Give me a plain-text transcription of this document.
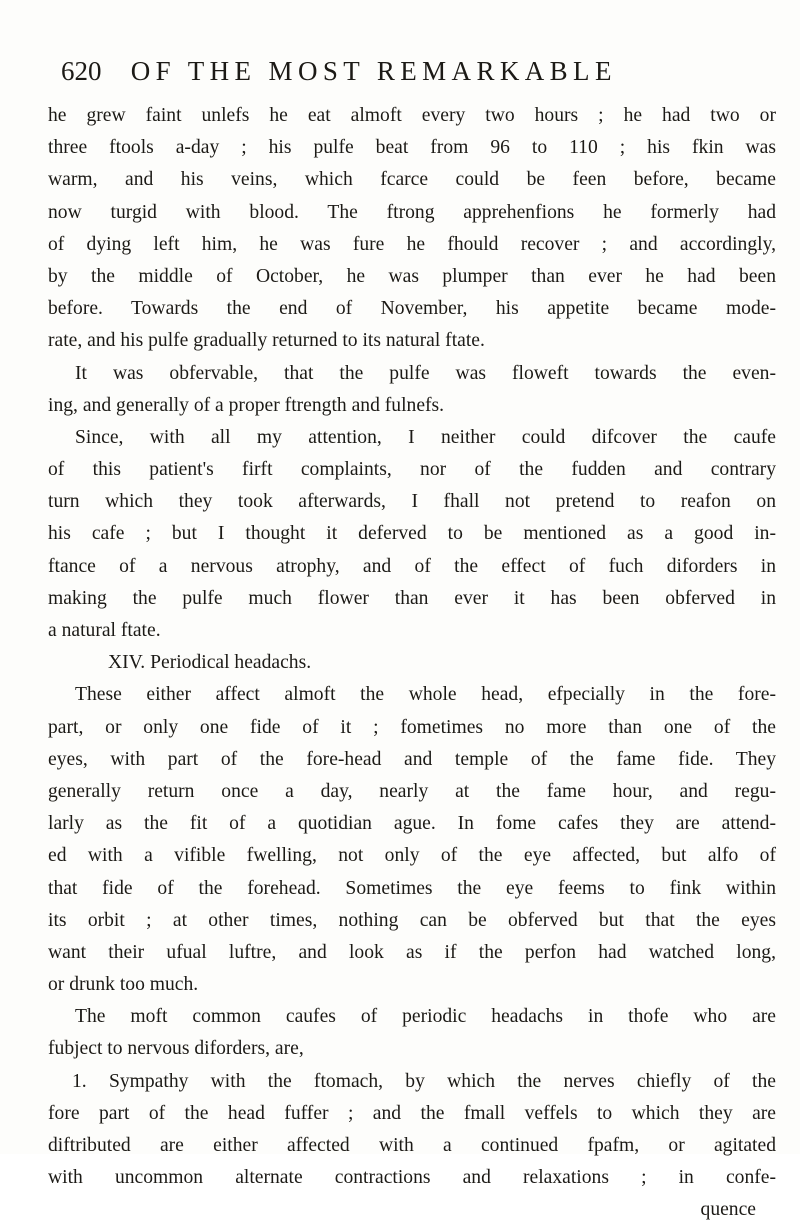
620 OF THE MOST REMARKABLE
he grew faint unlefs he eat almoft every two hours ; he had two or
three ftools a-day ; his pulfe beat from 96 to 110 ; his fkin was
warm, and his veins, which fcarce could be feen before, became
now turgid with blood. The ftrong apprehenfions he formerly had
of dying left him, he was fure he fhould recover ; and accordingly,
by the middle of October, he was plumper than ever he had been
before. Towards the end of November, his appetite became mode-
rate, and his pulfe gradually returned to its natural ftate.
It was obfervable, that the pulfe was floweft towards the even-
ing, and generally of a proper ftrength and fulnefs.
Since, with all my attention, I neither could difcover the caufe
of this patient's firft complaints, nor of the fudden and contrary
turn which they took afterwards, I fhall not pretend to reafon on
his cafe ; but I thought it deferved to be mentioned as a good in-
ftance of a nervous atrophy, and of the effect of fuch diforders in
making the pulfe much flower than ever it has been obferved in
a natural ftate.
XIV. Periodical headachs.
These either affect almoft the whole head, efpecially in the fore-
part, or only one fide of it ; fometimes no more than one of the
eyes, with part of the fore-head and temple of the fame fide. They
generally return once a day, nearly at the fame hour, and regu-
larly as the fit of a quotidian ague. In fome cafes they are attend-
ed with a vifible fwelling, not only of the eye affected, but alfo of
that fide of the forehead. Sometimes the eye feems to fink within
its orbit ; at other times, nothing can be obferved but that the eyes
want their ufual luftre, and look as if the perfon had watched long,
or drunk too much.
The moft common caufes of periodic headachs in thofe who are
fubject to nervous diforders, are,
1. Sympathy with the ftomach, by which the nerves chiefly of the
fore part of the head fuffer ; and the fmall veffels to which they are
diftributed are either affected with a continued fpafm, or agitated
with uncommon alternate contractions and relaxations ; in confe-
quence
